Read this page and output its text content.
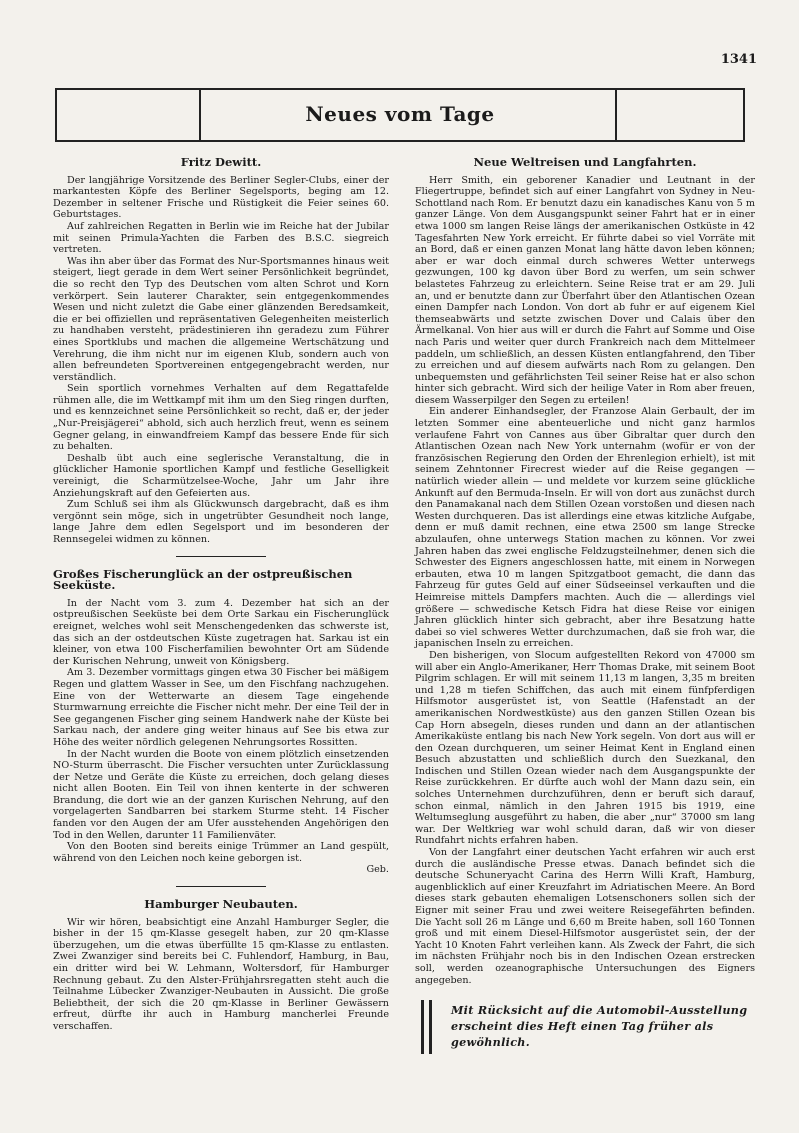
1341
Neues vom Tage
Fritz Dewitt.

Der langjährige Vorsitzende des Berliner Segler-Clubs, einer der markantesten Köpfe des Berliner Segelsports, beging am 12. Dezember in seltener Frische und Rüstigkeit die Feier seines 60. Geburtstages.

Auf zahlreichen Regatten in Berlin wie im Reiche hat der Jubilar mit seinen Primula-Yachten die Farben des B.S.C. siegreich vertreten.

Was ihn aber über das Format des Nur-Sportsmannes hinaus weit steigert, liegt gerade in dem Wert seiner Persönlichkeit begründet, die so recht den Typ des Deutschen vom alten Schrot und Korn verkörpert. Sein lauterer Charakter, sein entgegenkommendes Wesen und nicht zuletzt die Gabe einer glänzenden Beredsamkeit, die er bei offiziellen und repräsentativen Gelegenheiten meisterlich zu handhaben versteht, prädestinieren ihn geradezu zum Führer eines Sportklubs und machen die allgemeine Wertschätzung und Verehrung, die ihm nicht nur im eigenen Klub, sondern auch von allen befreundeten Sportvereinen entgegengebracht werden, nur verständlich.

Sein sportlich vornehmes Verhalten auf dem Regattafelde rühmen alle, die im Wettkampf mit ihm um den Sieg ringen durften, und es kennzeichnet seine Persönlichkeit so recht, daß er, der jeder „Nur-Preisjägerei“ abhold, sich auch herzlich freut, wenn es seinem Gegner gelang, in einwandfreiem Kampf das bessere Ende für sich zu behalten.

Deshalb übt auch eine seglerische Veranstaltung, die in glücklicher Hamonie sportlichen Kampf und festliche Geselligkeit vereinigt, die Scharmützelsee-Woche, Jahr um Jahr ihre Anziehungskraft auf den Gefeierten aus.

Zum Schluß sei ihm als Glückwunsch dargebracht, daß es ihm vergönnt sein möge, sich in ungetrübter Gesundheit noch lange, lange Jahre dem edlen Segelsport und im besonderen der Rennsegelei widmen zu können.

Großes Fischerunglück an der ostpreußischen Seeküste.

In der Nacht vom 3. zum 4. Dezember hat sich an der ostpreußischen Seeküste bei dem Orte Sarkau ein Fischerunglück ereignet, welches wohl seit Menschengedenken das schwerste ist, das sich an der ostdeutschen Küste zugetragen hat. Sarkau ist ein kleiner, von etwa 100 Fischerfamilien bewohnter Ort am Südende der Kurischen Nehrung, unweit von Königsberg.

Am 3. Dezember vormittags gingen etwa 30 Fischer bei mäßigem Regen und glattem Wasser in See, um den Fischfang nachzugehen. Eine von der Wetterwarte an diesem Tage eingehende Sturmwarnung erreichte die Fischer nicht mehr. Der eine Teil der in See gegangenen Fischer ging seinem Handwerk nahe der Küste bei Sarkau nach, der andere ging weiter hinaus auf See bis etwa zur Höhe des weiter nördlich gelegenen Nehrungsortes Rossitten.

In der Nacht wurden die Boote von einem plötzlich einsetzenden NO-Sturm überrascht. Die Fischer versuchten unter Zurücklassung der Netze und Geräte die Küste zu erreichen, doch gelang dieses nicht allen Booten. Ein Teil von ihnen kenterte in der schweren Brandung, die dort wie an der ganzen Kurischen Nehrung, auf den vorgelagerten Sandbarren bei starkem Sturme steht. 14 Fischer fanden vor den Augen der am Ufer ausstehenden Angehörigen den Tod in den Wellen, darunter 11 Familienväter.

Von den Booten sind bereits einige Trümmer an Land gespült, während von den Leichen noch keine geborgen ist.

Geb.

Hamburger Neubauten.

Wir wir hören, beabsichtigt eine Anzahl Hamburger Segler, die bisher in der 15 qm-Klasse gesegelt haben, zur 20 qm-Klasse überzugehen, um die etwas überfüllte 15 qm-Klasse zu entlasten. Zwei Zwanziger sind bereits bei C. Fuhlendorf, Hamburg, in Bau, ein dritter wird bei W. Lehmann, Woltersdorf, für Hamburger Rechnung gebaut. Zu den Alster-Frühjahrsregatten steht auch die Teilnahme Lübecker Zwanziger-Neubauten in Aussicht. Die große Beliebtheit, der sich die 20 qm-Klasse in Berliner Gewässern erfreut, dürfte ihr auch in Hamburg mancherlei Freunde verschaffen.

Neue Weltreisen und Langfahrten.

Herr Smith, ein geborener Kanadier und Leutnant in der Fliegertruppe, befindet sich auf einer Langfahrt von Sydney in Neu-Schottland nach Rom. Er benutzt dazu ein kanadisches Kanu von 5 m ganzer Länge. Von dem Ausgangspunkt seiner Fahrt hat er in einer etwa 1000 sm langen Reise längs der amerikanischen Ostküste in 42 Tagesfahrten New York erreicht. Er führte dabei so viel Vorräte mit an Bord, daß er einen ganzen Monat lang hätte davon leben können; aber er war doch einmal durch schweres Wetter unterwegs gezwungen, 100 kg davon über Bord zu werfen, um sein schwer belastetes Fahrzeug zu erleichtern. Seine Reise trat er am 29. Juli an, und er benutzte dann zur Überfahrt über den Atlantischen Ozean einen Dampfer nach London. Von dort ab fuhr er auf eigenem Kiel themseabwärts und setzte zwischen Dover und Calais über den Ärmelkanal. Von hier aus will er durch die Fahrt auf Somme und Oise nach Paris und weiter quer durch Frankreich nach dem Mittelmeer paddeln, um schließlich, an dessen Küsten entlangfahrend, den Tiber zu erreichen und auf diesem aufwärts nach Rom zu gelangen. Den unbequemsten und gefährlichsten Teil seiner Reise hat er also schon hinter sich gebracht. Wird sich der heilige Vater in Rom aber freuen, diesem Wasserpilger den Segen zu erteilen!

Ein anderer Einhandsegler, der Franzose Alain Gerbault, der im letzten Sommer eine abenteuerliche und nicht ganz harmlos verlaufene Fahrt von Cannes aus über Gibraltar quer durch den Atlantischen Ozean nach New York unternahm (wofür er von der französischen Regierung den Orden der Ehrenlegion erhielt), ist mit seinem Zehntonner Firecrest wieder auf die Reise gegangen — natürlich wieder allein — und meldete vor kurzem seine glückliche Ankunft auf den Bermuda-Inseln. Er will von dort aus zunächst durch den Panamakanal nach dem Stillen Ozean vorstoßen und diesen nach Westen durchqueren. Das ist allerdings eine etwas kitzliche Aufgabe, denn er muß damit rechnen, eine etwa 2500 sm lange Strecke abzulaufen, ohne unterwegs Station machen zu können. Vor zwei Jahren haben das zwei englische Feldzugsteilnehmer, denen sich die Schwester des Eigners angeschlossen hatte, mit einem in Norwegen erbauten, etwa 10 m langen Spitzgatboot gemacht, die dann das Fahrzeug für gutes Geld auf einer Südseeinsel verkauften und die Heimreise mittels Dampfers machten. Auch die — allerdings viel größere — schwedische Ketsch Fidra hat diese Reise vor einigen Jahren glücklich hinter sich gebracht, aber ihre Besatzung hatte dabei so viel schweres Wetter durchzumachen, daß sie froh war, die japanischen Inseln zu erreichen.

Den bisherigen, von Slocum aufgestellten Rekord von 47000 sm will aber ein Anglo-Amerikaner, Herr Thomas Drake, mit seinem Boot Pilgrim schlagen. Er will mit seinem 11,13 m langen, 3,35 m breiten und 1,28 m tiefen Schiffchen, das auch mit einem fünfpferdigen Hilfsmotor ausgerüstet ist, von Seattle (Hafenstadt an der amerikanischen Nordwestküste) aus den ganzen Stillen Ozean bis Cap Horn absegeln, dieses runden und dann an der atlantischen Amerikaküste entlang bis nach New York segeln. Von dort aus will er den Ozean durchqueren, um seiner Heimat Kent in England einen Besuch abzustatten und schließlich durch den Suezkanal, den Indischen und Stillen Ozean wieder nach dem Ausgangspunkte der Reise zurückkehren. Er dürfte auch wohl der Mann dazu sein, ein solches Unternehmen durchzuführen, denn er beruft sich darauf, schon einmal, nämlich in den Jahren 1915 bis 1919, eine Weltumseglung ausgeführt zu haben, die aber „nur“ 37000 sm lang war. Der Weltkrieg war wohl schuld daran, daß wir von dieser Rundfahrt nichts erfahren haben.

Von der Langfahrt einer deutschen Yacht erfahren wir auch erst durch die ausländische Presse etwas. Danach befindet sich die deutsche Schuneryacht Carina des Herrn Willi Kraft, Hamburg, augenblicklich auf einer Kreuzfahrt im Adriatischen Meere. An Bord dieses stark gebauten ehemaligen Lotsenschoners sollen sich der Eigner mit seiner Frau und zwei weitere Reisegefährten befinden. Die Yacht soll 26 m Länge und 6,60 m Breite haben, soll 160 Tonnen groß und mit einem Diesel-Hilfsmotor ausgerüstet sein, der der Yacht 10 Knoten Fahrt verleihen kann. Als Zweck der Fahrt, die sich im nächsten Frühjahr noch bis in den Indischen Ozean erstrecken soll, werden ozeanographische Untersuchungen des Eigners angegeben.

Mit Rücksicht auf die Automobil-Ausstellung erscheint dies Heft einen Tag früher als gewöhnlich.
